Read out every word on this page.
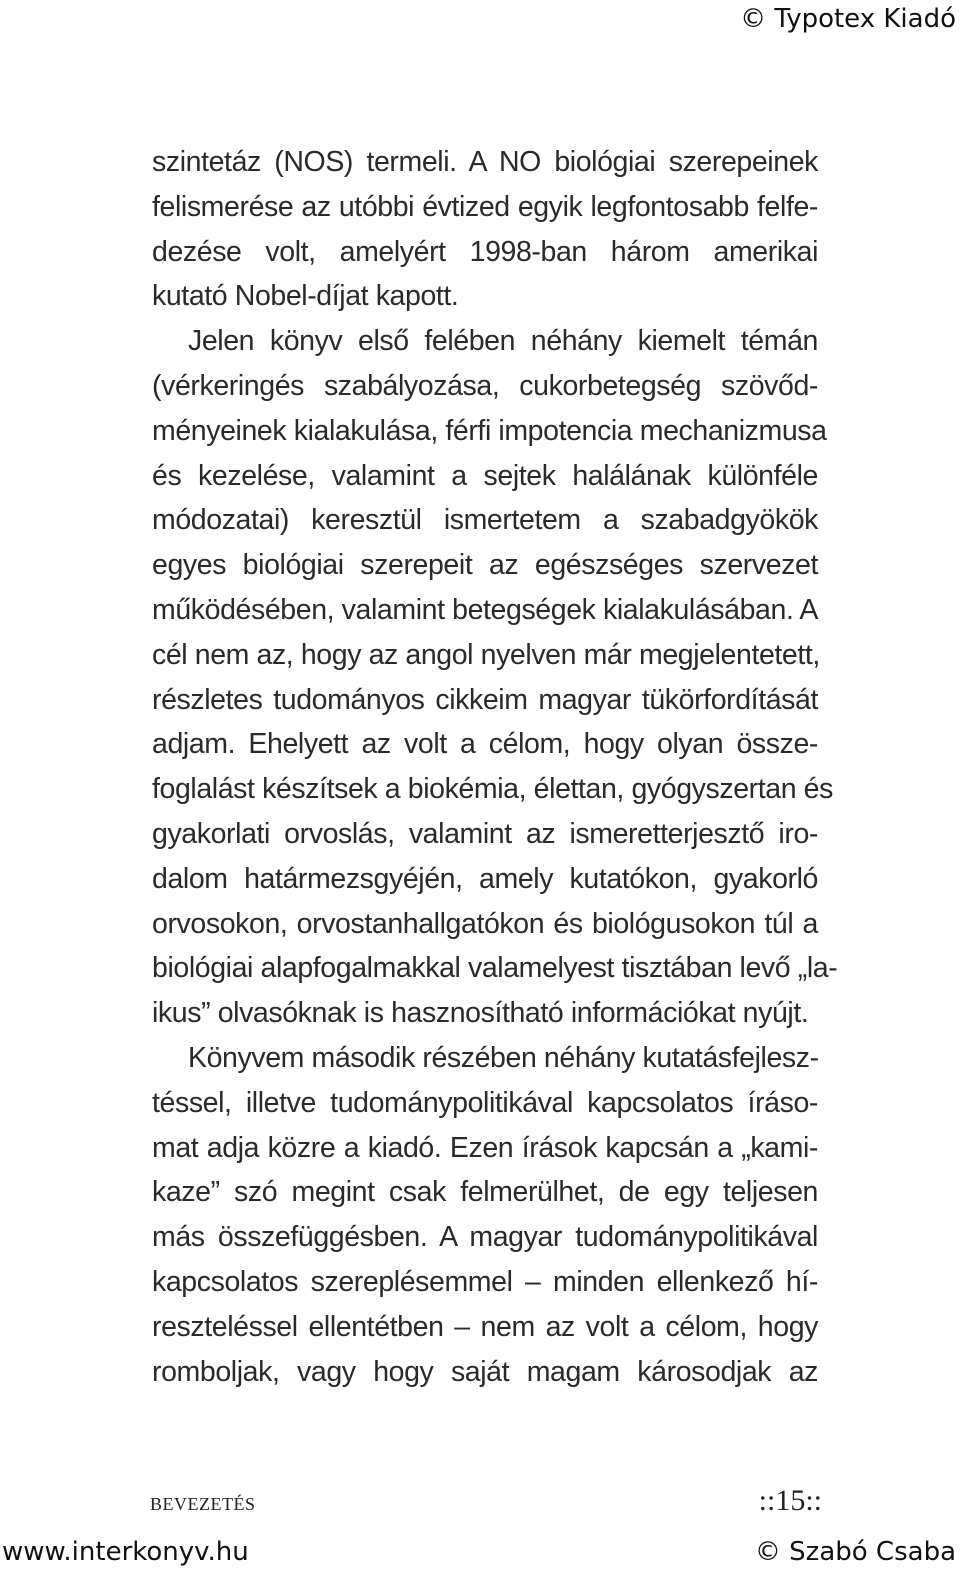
© Typotex Kiadó
szintetáz (NOS) termeli. A NO biológiai szerepeinek
felismerése az utóbbi évtized egyik legfontosabb felfe-
dezése volt, amelyért 1998-ban három amerikai
kutató Nobel-díjat kapott.
Jelen könyv első felében néhány kiemelt témán
(vérkeringés szabályozása, cukorbetegség szövőd-
ményeinek kialakulása, férfi impotencia mechanizmusa
és kezelése, valamint a sejtek halálának különféle
módozatai) keresztül ismertetem a szabadgyökök
egyes biológiai szerepeit az egészséges szervezet
működésében, valamint betegségek kialakulásában. A
cél nem az, hogy az angol nyelven már megjelentetett,
részletes tudományos cikkeim magyar tükörfordítását
adjam. Ehelyett az volt a célom, hogy olyan össze-
foglalást készítsek a biokémia, élettan, gyógyszertan és
gyakorlati orvoslás, valamint az ismeretterjesztő iro-
dalom határmezsgyéjén, amely kutatókon, gyakorló
orvosokon, orvostanhallgatókon és biológusokon túl a
biológiai alapfogalmakkal valamelyest tisztában levő „la-
ikus” olvasóknak is hasznosítható információkat nyújt.
Könyvem második részében néhány kutatásfejlesz-
téssel, illetve tudománypolitikával kapcsolatos íráso-
mat adja közre a kiadó. Ezen írások kapcsán a „kami-
kaze” szó megint csak felmerülhet, de egy teljesen
más összefüggésben. A magyar tudománypolitikával
kapcsolatos szereplésemmel – minden ellenkező hí-
reszteléssel ellentétben – nem az volt a célom, hogy
romboljak, vagy hogy saját magam károsodjak az
BEVEZETÉS	::15::
www.interkonyv.hu	© Szabó Csaba
